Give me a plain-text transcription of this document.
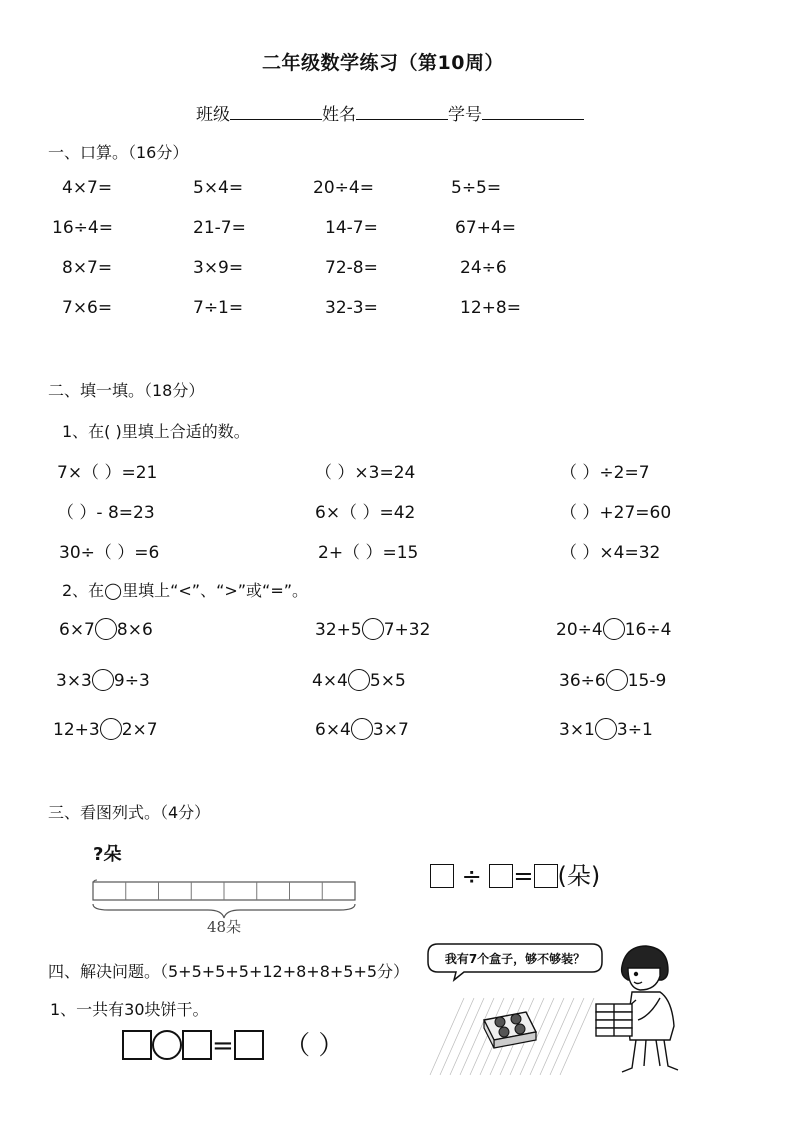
二年级数学练习（第10周）
班级	姓名	学号
一、口算。（16分）
4×7=	5×4=	20÷4=	5÷5=
16÷4=	21-7=	14-7=	67+4=
8×7=	3×9=	72-8=	24÷6
7×6=	7÷1=	32-3=	12+8=
二、填一填。（18分）
1、在( )里填上合适的数。
7×（ ）=21	（ ）×3=24	（ ）÷2=7
（ ）- 8=23	6×（ ）=42	（ ）+27=60
30÷（ ）=6	2+（ ）=15	（ ）×4=32
2、在◯里填上“<”、“>”或“=”。
6×7 8×6	32+5 7+32	20÷4 16÷4
3×3 9÷3	4×4 5×5	36÷6 15-9
12+3 2×7	6×4 3×7	3×1 3÷1
三、看图列式。（4分）
?朵
48朵
÷ = (朵)
四、解决问题。（5+5+5+5+12+8+8+5+5分）
1、一共有30块饼干。
= （ ）
我有7个盒子，够不够装？
